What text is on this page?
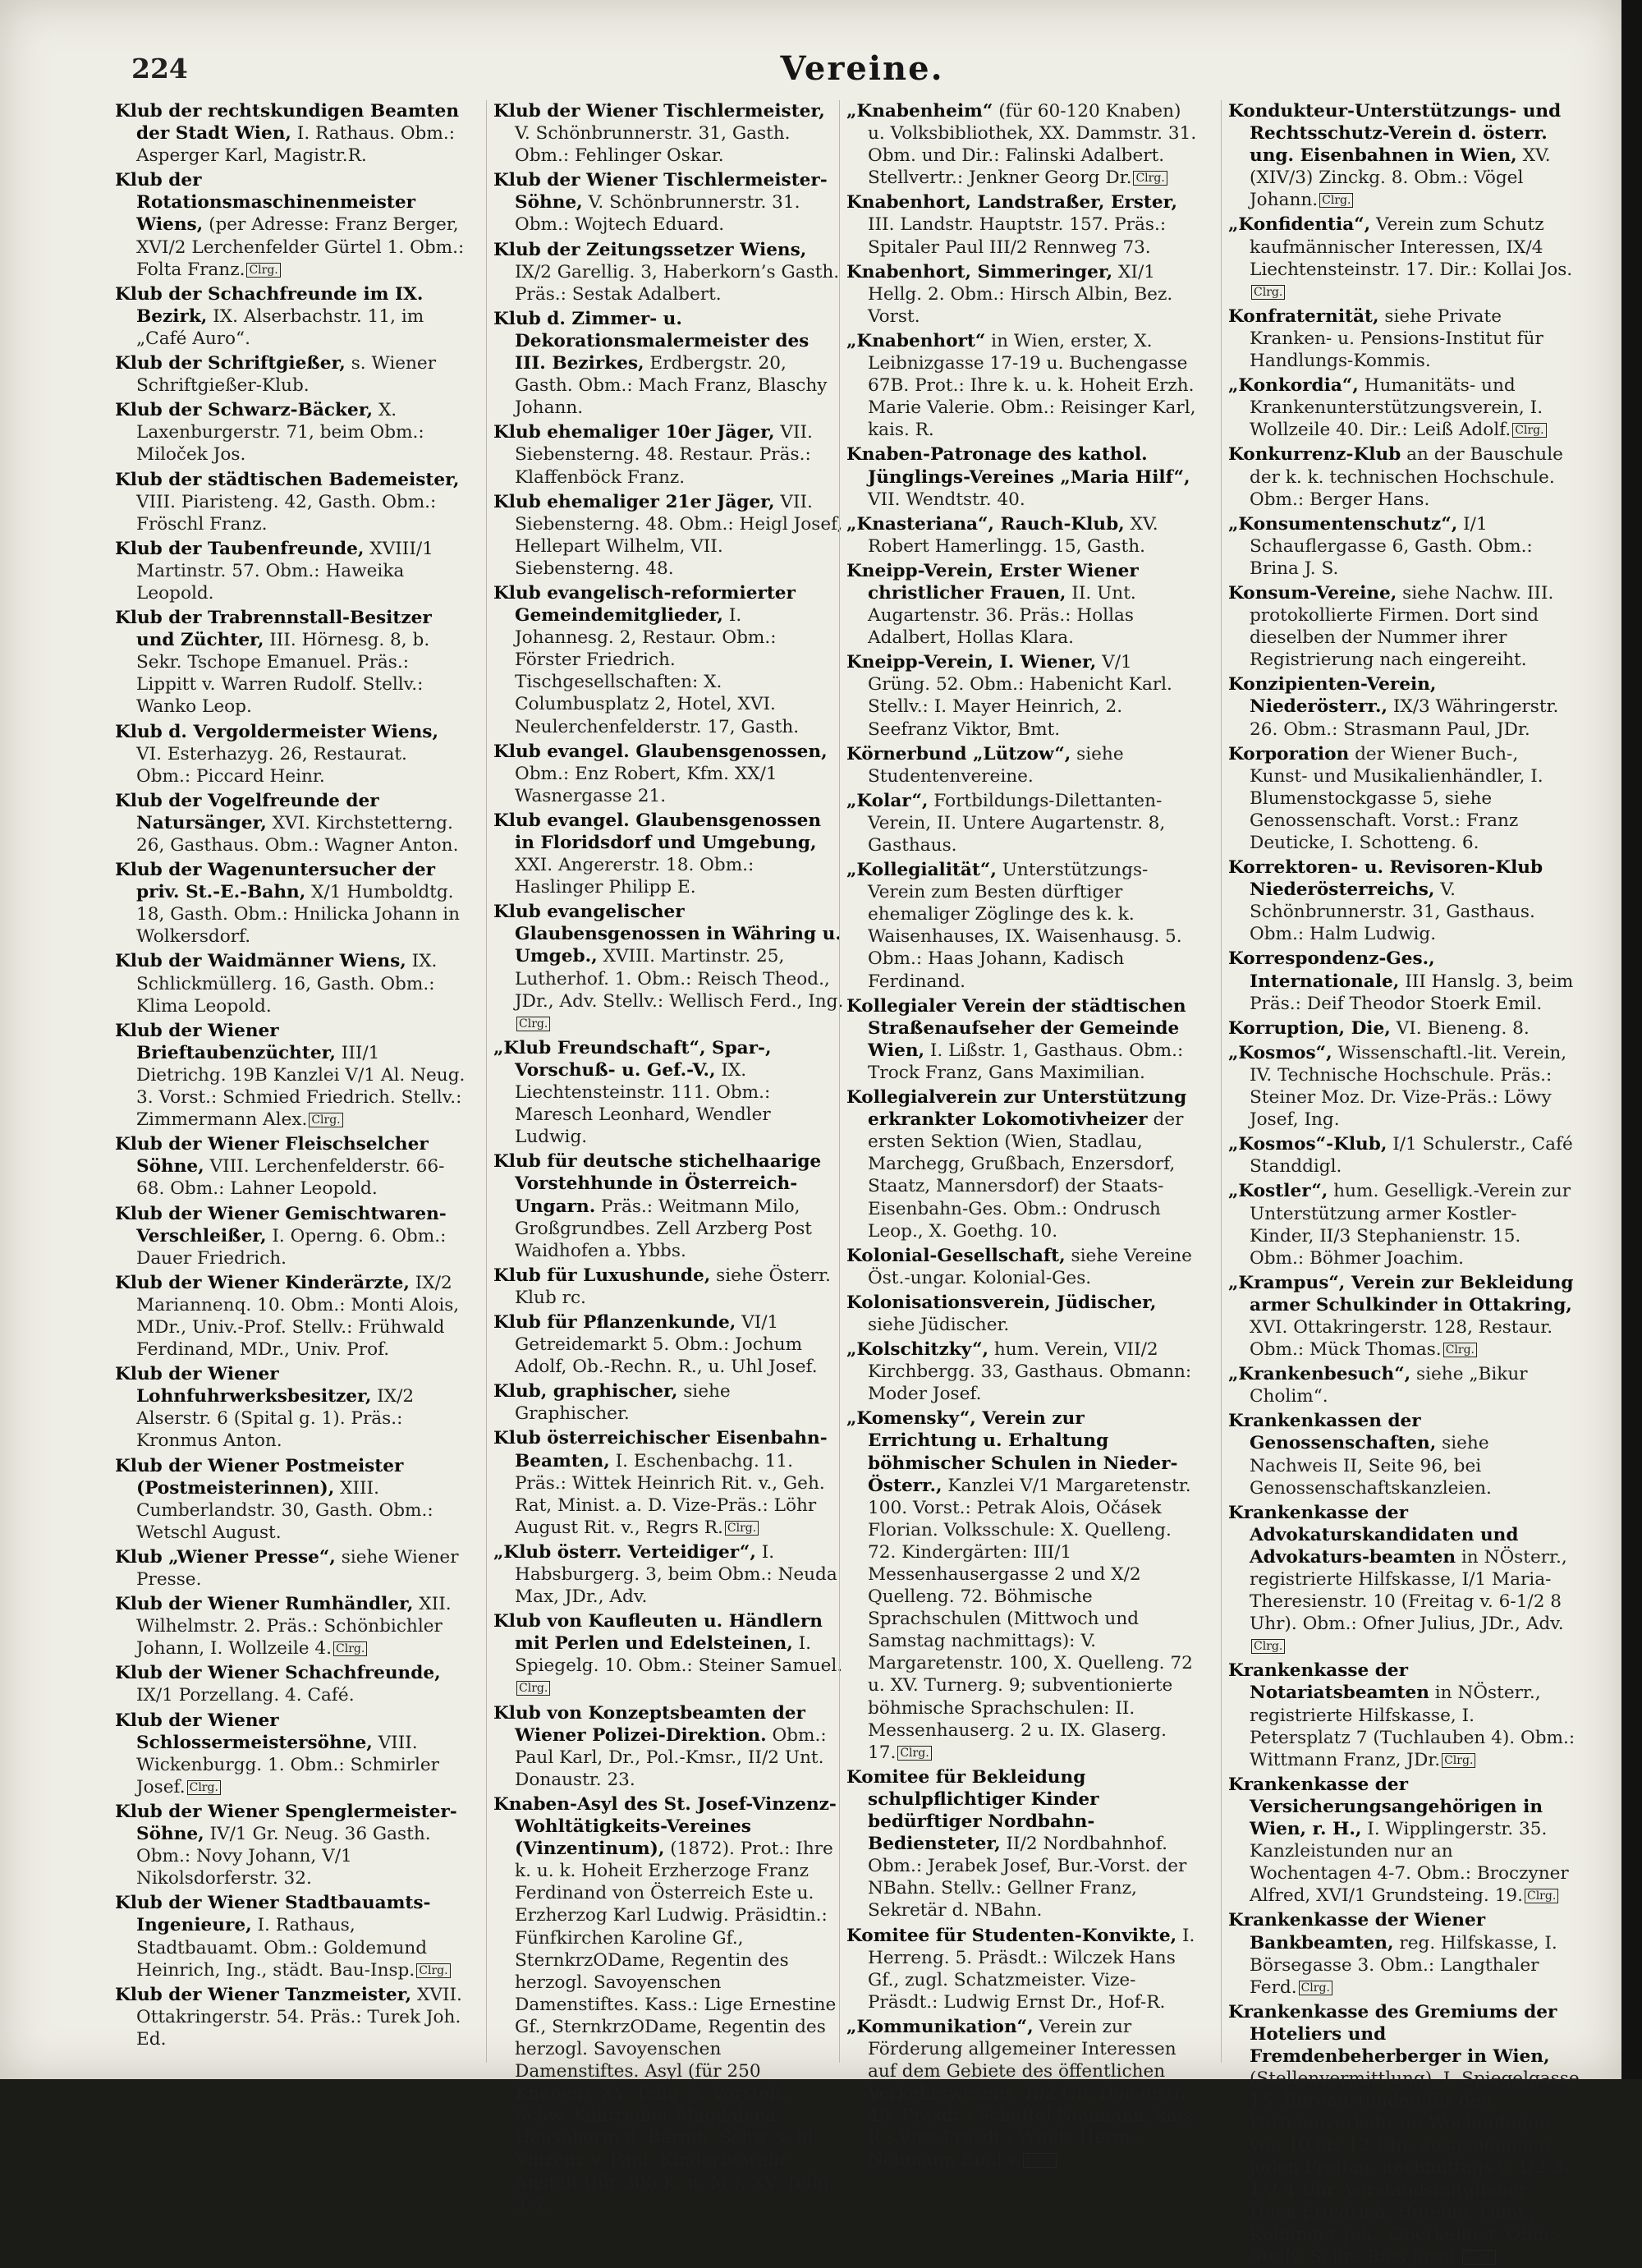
224	Vereine.

Klub der rechtskundigen Beamten der Stadt Wien, I. Rathaus. Obm.: Asperger Karl, Magistr.R.

Klub der Rotationsmaschinenmeister Wiens, (per Adresse: Franz Berger, XVI/2 Lerchenfelder Gürtel 1. Obm.: Folta Franz. Clrg.

Klub der Schachfreunde im IX. Bezirk, IX. Alserbachstr. 11, im „Café Auro“.

Klub der Schriftgießer, s. Wiener Schriftgießer-Klub.

Klub der Schwarz-Bäcker, X. Laxenburgerstr. 71, beim Obm.: Miloček Jos.

Klub der städtischen Bademeister, VIII. Piaristeng. 42, Gasth. Obm.: Fröschl Franz.

Klub der Taubenfreunde, XVIII/1 Martinstr. 57. Obm.: Haweika Leopold.

Klub der Trabrennstall-Besitzer und Züchter, III. Hörnesg. 8, b. Sekr. Tschope Emanuel. Präs.: Lippitt v. Warren Rudolf. Stellv.: Wanko Leop.

Klub d. Vergoldermeister Wiens, VI. Esterhazyg. 26, Restaurat. Obm.: Piccard Heinr.

Klub der Vogelfreunde der Natursänger, XVI. Kirchstetterng. 26, Gasthaus. Obm.: Wagner Anton.

Klub der Wagenuntersucher der priv. St.-E.-Bahn, X/1 Humboldtg. 18, Gasth. Obm.: Hnilicka Johann in Wolkersdorf.

Klub der Waidmänner Wiens, IX. Schlickmüllerg. 16, Gasth. Obm.: Klima Leopold.

Klub der Wiener Brieftaubenzüchter, III/1 Dietrichg. 19B Kanzlei V/1 Al. Neug. 3. Vorst.: Schmied Friedrich. Stellv.: Zimmermann Alex. Clrg.

Klub der Wiener Fleischselcher Söhne, VIII. Lerchenfelderstr. 66-68. Obm.: Lahner Leopold.

Klub der Wiener Gemischtwaren-Verschleißer, I. Operng. 6. Obm.: Dauer Friedrich.

Klub der Wiener Kinderärzte, IX/2 Mariannenq. 10. Obm.: Monti Alois, MDr., Univ.-Prof. Stellv.: Frühwald Ferdinand, MDr., Univ. Prof.

Klub der Wiener Lohnfuhrwerksbesitzer, IX/2 Alserstr. 6 (Spital g. 1). Präs.: Kronmus Anton.

Klub der Wiener Postmeister (Postmeisterinnen), XIII. Cumberlandstr. 30, Gasth. Obm.: Wetschl August.

Klub „Wiener Presse“, siehe Wiener Presse.

Klub der Wiener Rumhändler, XII. Wilhelmstr. 2. Präs.: Schönbichler Johann, I. Wollzeile 4. Clrg.

Klub der Wiener Schachfreunde, IX/1 Porzellang. 4. Café.

Klub der Wiener Schlossermeistersöhne, VIII. Wickenburgg. 1. Obm.: Schmirler Josef. Clrg.

Klub der Wiener Spenglermeister-Söhne, IV/1 Gr. Neug. 36 Gasth. Obm.: Novy Johann, V/1 Nikolsdorferstr. 32.

Klub der Wiener Stadtbauamts-Ingenieure, I. Rathaus, Stadtbauamt. Obm.: Goldemund Heinrich, Ing., städt. Bau-Insp. Clrg.

Klub der Wiener Tanzmeister, XVII. Ottakringerstr. 54. Präs.: Turek Joh. Ed.

Klub der Wiener Tischlermeister, V. Schönbrunnerstr. 31, Gasth. Obm.: Fehlinger Oskar.

Klub der Wiener Tischlermeister-Söhne, V. Schönbrunnerstr. 31. Obm.: Wojtech Eduard.

Klub der Zeitungssetzer Wiens, IX/2 Garellig. 3, Haberkorn’s Gasth. Präs.: Sestak Adalbert.

Klub d. Zimmer- u. Dekorationsmalermeister des III. Bezirkes, Erdbergstr. 20, Gasth. Obm.: Mach Franz, Blaschy Johann.

Klub ehemaliger 10er Jäger, VII. Siebensterng. 48. Restaur. Präs.: Klaffenböck Franz.

Klub ehemaliger 21er Jäger, VII. Siebensterng. 48. Obm.: Heigl Josef, Hellepart Wilhelm, VII. Siebensterng. 48.

Klub evangelisch-reformierter Gemeindemitglieder, I. Johannesg. 2, Restaur. Obm.: Förster Friedrich. Tischgesellschaften: X. Columbusplatz 2, Hotel, XVI. Neulerchenfelderstr. 17, Gasth.

Klub evangel. Glaubensgenossen, Obm.: Enz Robert, Kfm. XX/1 Wasnergasse 21.

Klub evangel. Glaubensgenossen in Floridsdorf und Umgebung, XXI. Angererstr. 18. Obm.: Haslinger Philipp E.

Klub evangelischer Glaubensgenossen in Währing u. Umgeb., XVIII. Martinstr. 25, Lutherhof. 1. Obm.: Reisch Theod., JDr., Adv. Stellv.: Wellisch Ferd., Ing.Clrg.

„Klub Freundschaft“, Spar-, Vorschuß- u. Gef.-V., IX. Liechtensteinstr. 111. Obm.: Maresch Leonhard, Wendler Ludwig.

Klub für deutsche stichelhaarige Vorstehhunde in Österreich-Ungarn. Präs.: Weitmann Milo, Großgrundbes. Zell Arzberg Post Waidhofen a. Ybbs.

Klub für Luxushunde, siehe Österr. Klub rc.

Klub für Pflanzenkunde, VI/1 Getreidemarkt 5. Obm.: Jochum Adolf, Ob.-Rechn. R., u. Uhl Josef.

Klub, graphischer, siehe Graphischer.

Klub österreichischer Eisenbahn-Beamten, I. Eschenbachg. 11. Präs.: Wittek Heinrich Rit. v., Geh. Rat, Minist. a. D. Vize-Präs.: Löhr August Rit. v., Regrs R. Clrg.

„Klub österr. Verteidiger“, I. Habsburgerg. 3, beim Obm.: Neuda Max, JDr., Adv.

Klub von Kaufleuten u. Händlern mit Perlen und Edelsteinen, I. Spiegelg. 10. Obm.: Steiner Samuel.Clrg.

Klub von Konzeptsbeamten der Wiener Polizei-Direktion. Obm.: Paul Karl, Dr., Pol.-Kmsr., II/2 Unt. Donaustr. 23.

Knaben-Asyl des St. Josef-Vinzenz-Wohltätigkeits-Vereines (Vinzentinum), (1872). Prot.: Ihre k. u. k. Hoheit Erzherzoge Franz Ferdinand von Österreich Este u. Erzherzog Karl Ludwig. Präsidtin.: Fünfkirchen Karoline Gf., SternkrzODame, Regentin des herzogl. Savoyenschen Damenstiftes. Kass.: Lige Ernestine Gf., SternkrzODame, Regentin des herzogl. Savoyenschen Damenstiftes. Asyl (für 250 Knaben), XV. Tellg. 5. Vorsteh.: Schw. Kühtreiber Magdalena, Hausoberin d. Barmh. Schw. v. hl. Vinzenz v. Paul. Kinderbewahr-Anstalt (für 300 K. u. M.), XV. Tellg. 3-5.

„Knabenheim“ (für 60-120 Knaben) u. Volksbibliothek, XX. Dammstr. 31. Obm. und Dir.: Falinski Adalbert. Stellvertr.: Jenkner Georg Dr. Clrg.

Knabenhort, Landstraßer, Erster, III. Landstr. Hauptstr. 157. Präs.: Spitaler Paul III/2 Rennweg 73.

Knabenhort, Simmeringer, XI/1 Hellg. 2. Obm.: Hirsch Albin, Bez. Vorst.

„Knabenhort“ in Wien, erster, X. Leibnizgasse 17-19 u. Buchengasse 67B. Prot.: Ihre k. u. k. Hoheit Erzh. Marie Valerie. Obm.: Reisinger Karl, kais. R.

Knaben-Patronage des kathol. Jünglings-Vereines „Maria Hilf“, VII. Wendtstr. 40.

„Knasteriana“, Rauch-Klub, XV. Robert Hamerlingg. 15, Gasth.

Kneipp-Verein, Erster Wiener christlicher Frauen, II. Unt. Augartenstr. 36. Präs.: Hollas Adalbert, Hollas Klara.

Kneipp-Verein, I. Wiener, V/1 Grüng. 52. Obm.: Habenicht Karl. Stellv.: I. Mayer Heinrich, 2. Seefranz Viktor, Bmt.

Körnerbund „Lützow“, siehe Studentenvereine.

„Kolar“, Fortbildungs-Dilettanten-Verein, II. Untere Augartenstr. 8, Gasthaus.

„Kollegialität“, Unterstützungs-Verein zum Besten dürftiger ehemaliger Zöglinge des k. k. Waisenhauses, IX. Waisenhausg. 5. Obm.: Haas Johann, Kadisch Ferdinand.

Kollegialer Verein der städtischen Straßenaufseher der Gemeinde Wien, I. Lißstr. 1, Gasthaus. Obm.: Trock Franz, Gans Maximilian.

Kollegialverein zur Unterstützung erkrankter Lokomotivheizer der ersten Sektion (Wien, Stadlau, Marchegg, Grußbach, Enzersdorf, Staatz, Mannersdorf) der Staats-Eisenbahn-Ges. Obm.: Ondrusch Leop., X. Goethg. 10.

Kolonial-Gesellschaft, siehe Vereine Öst.-ungar. Kolonial-Ges.

Kolonisationsverein, Jüdischer, siehe Jüdischer.

„Kolschitzky“, hum. Verein, VII/2 Kirchbergg. 33, Gasthaus. Obmann: Moder Josef.

„Komensky“, Verein zur Errichtung u. Erhaltung böhmischer Schulen in Nieder-Österr., Kanzlei V/1 Margaretenstr. 100. Vorst.: Petrak Alois, Očásek Florian. Volksschule: X. Quelleng. 72. Kindergärten: III/1 Messenhausergasse 2 und X/2 Quelleng. 72. Böhmische Sprachschulen (Mittwoch und Samstag nachmittags): V. Margaretenstr. 100, X. Quelleng. 72 u. XV. Turnerg. 9; subventionierte böhmische Sprachschulen: II. Messenhauserg. 2 u. IX. Glaserg. 17. Clrg.

Komitee für Bekleidung schulpflichtiger Kinder bedürftiger Nordbahn-Bediensteter, II/2 Nordbahnhof. Obm.: Jerabek Josef, Bur.-Vorst. der NBahn. Stellv.: Gellner Franz, Sekretär d. NBahn.

Komitee für Studenten-Konvikte, I. Herreng. 5. Präsdt.: Wilczek Hans Gf., zugl. Schatzmeister. Vize-Präsdt.: Ludwig Ernst Dr., Hof-R.

„Kommunikation“, Verein zur Förderung allgemeiner Interessen auf dem Gebiete des öffentlichen Verkehrswesens, II/2 Ob. Donaustr. 49. Präsdt.: Scheftel Naumann, kais. R.; Vize-Präsdt.: Winds Herm.; Neumann Emil v. Clrg.

Kondukteur-Unterstützungs- und Rechtsschutz-Verein d. österr. ung. Eisenbahnen in Wien, XV. (XIV/3) Zinckg. 8. Obm.: Vögel Johann. Clrg.

„Konfidentia“, Verein zum Schutz kaufmännischer Interessen, IX/4 Liechtensteinstr. 17. Dir.: Kollai Jos.Clrg.

Konfraternität, siehe Private Kranken- u. Pensions-Institut für Handlungs-Kommis.

„Konkordia“, Humanitäts- und Krankenunterstützungsverein, I. Wollzeile 40. Dir.: Leiß Adolf. Clrg.

Konkurrenz-Klub an der Bauschule der k. k. technischen Hochschule. Obm.: Berger Hans.

„Konsumentenschutz“, I/1 Schauflergasse 6, Gasth. Obm.: Brina J. S.

Konsum-Vereine, siehe Nachw. III. protokollierte Firmen. Dort sind dieselben der Nummer ihrer Registrierung nach eingereiht.

Konzipienten-Verein, Niederösterr., IX/3 Währingerstr. 26. Obm.: Strasmann Paul, JDr.

Korporation der Wiener Buch-, Kunst- und Musikalienhändler, I. Blumenstockgasse 5, siehe Genossenschaft. Vorst.: Franz Deuticke, I. Schotteng. 6.

Korrektoren- u. Revisoren-Klub Niederösterreichs, V. Schönbrunnerstr. 31, Gasthaus. Obm.: Halm Ludwig.

Korrespondenz-Ges., Internationale, III Hanslg. 3, beim Präs.: Deif Theodor Stoerk Emil.

Korruption, Die, VI. Bieneng. 8.

„Kosmos“, Wissenschaftl.-lit. Verein, IV. Technische Hochschule. Präs.: Steiner Moz. Dr. Vize-Präs.: Löwy Josef, Ing.

„Kosmos“-Klub, I/1 Schulerstr., Café Standdigl.

„Kostler“, hum. Geselligk.-Verein zur Unterstützung armer Kostler-Kinder, II/3 Stephanienstr. 15. Obm.: Böhmer Joachim.

„Krampus“, Verein zur Bekleidung armer Schulkinder in Ottakring, XVI. Ottakringerstr. 128, Restaur. Obm.: Mück Thomas. Clrg.

„Krankenbesuch“, siehe „Bikur Cholim“.

Krankenkassen der Genossenschaften, siehe Nachweis II, Seite 96, bei Genossenschaftskanzleien.

Krankenkasse der Advokaturskandidaten und Advokaturs-beamten in NÖsterr., registrierte Hilfskasse, I/1 Maria-Theresienstr. 10 (Freitag v. 6-1/2 8 Uhr). Obm.: Ofner Julius, JDr., Adv.Clrg.

Krankenkasse der Notariatsbeamten in NÖsterr., registrierte Hilfskasse, I. Petersplatz 7 (Tuchlauben 4). Obm.: Wittmann Franz, JDr. Clrg.

Krankenkasse der Versicherungsangehörigen in Wien, r. H., I. Wipplingerstr. 35. Kanzleistunden nur an Wochentagen 4-7. Obm.: Broczyner Alfred, XVI/1 Grundsteing. 19. Clrg.

Krankenkasse der Wiener Bankbeamten, reg. Hilfskasse, I. Börsegasse 3. Obm.: Langthaler Ferd. Clrg.

Krankenkasse des Gremiums der Hoteliers und Fremdenbeherberger in Wien, (Stellenvermittlung), I. Spiegelgasse 15. Bureaustunden für den Parteienverkehr an Wochentagen von 10 bis 12 Uhr, ausgenommen jeden Freitag, nachmittags v. 1/2 3-1/2 4 Uhr. Vorstandsmitglieder: Hack Friedrich, Hotelier, Obm., Kolbinger Joh., Oberkellner, Obm.-Stellv. Sekr.: Ries Josef. Clrg.
